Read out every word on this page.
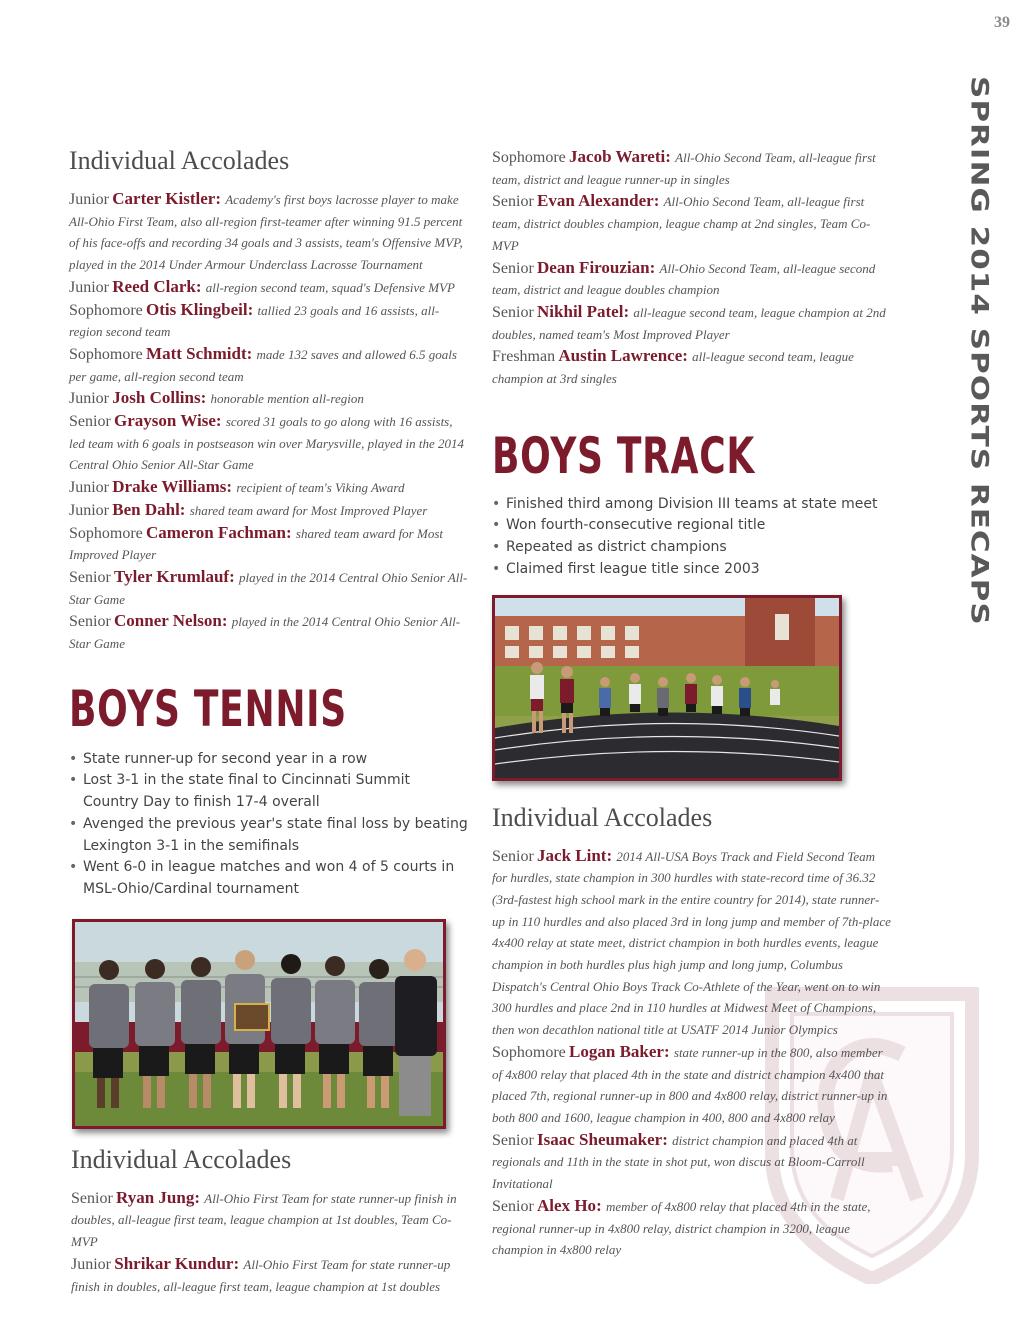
39
SPRING 2014 SPORTS RECAPS
Individual Accolades

Junior Carter Kistler: Academy's first boys lacrosse player to make All-Ohio First Team, also all-region first-teamer after winning 91.5 percent of his face-offs and recording 34 goals and 3 assists, team's Offensive MVP, played in the 2014 Under Armour Underclass Lacrosse Tournament

Junior Reed Clark: all-region second team, squad's Defensive MVP

Sophomore Otis Klingbeil: tallied 23 goals and 16 assists, all-region second team

Sophomore Matt Schmidt: made 132 saves and allowed 6.5 goals per game, all-region second team

Junior Josh Collins: honorable mention all-region

Senior Grayson Wise: scored 31 goals to go along with 16 assists, led team with 6 goals in postseason win over Marysville, played in the 2014 Central Ohio Senior All-Star Game

Junior Drake Williams: recipient of team's Viking Award

Junior Ben Dahl: shared team award for Most Improved Player

Sophomore Cameron Fachman: shared team award for Most Improved Player

Senior Tyler Krumlauf: played in the 2014 Central Ohio Senior All-Star Game

Senior Conner Nelson: played in the 2014 Central Ohio Senior All-Star Game

BOYS TENNIS
• State runner-up for second year in a row
• Lost 3-1 in the state final to Cincinnati Summit Country Day to finish 17-4 overall
• Avenged the previous year's state final loss by beating Lexington 3-1 in the semifinals
• Went 6-0 in league matches and won 4 of 5 courts in MSL-Ohio/Cardinal tournament
Individual Accolades

Senior Ryan Jung: All-Ohio First Team for state runner-up finish in doubles, all-league first team, league champion at 1st doubles, Team Co-MVP

Junior Shrikar Kundur: All-Ohio First Team for state runner-up finish in doubles, all-league first team, league champion at 1st doubles

Sophomore Jacob Wareti: All-Ohio Second Team, all-league first team, district and league runner-up in singles

Senior Evan Alexander: All-Ohio Second Team, all-league first team, district doubles champion, league champ at 2nd singles, Team Co-MVP

Senior Dean Firouzian: All-Ohio Second Team, all-league second team, district and league doubles champion

Senior Nikhil Patel: all-league second team, league champion at 2nd doubles, named team's Most Improved Player

Freshman Austin Lawrence: all-league second team, league champion at 3rd singles

BOYS TRACK
• Finished third among Division III teams at state meet
• Won fourth-consecutive regional title
• Repeated as district champions
• Claimed first league title since 2003
Individual Accolades

Senior Jack Lint: 2014 All-USA Boys Track and Field Second Team for hurdles, state champion in 300 hurdles with state-record time of 36.32 (3rd-fastest high school mark in the entire country for 2014), state runner-up in 110 hurdles and also placed 3rd in long jump and member of 7th-place 4x400 relay at state meet, district champion in both hurdles events, league champion in both hurdles plus high jump and long jump, Columbus Dispatch's Central Ohio Boys Track Co-Athlete of the Year, went on to win 300 hurdles and place 2nd in 110 hurdles at Midwest Meet of Champions, then won decathlon national title at USATF 2014 Junior Olympics

Sophomore Logan Baker: state runner-up in the 800, also member of 4x800 relay that placed 4th in the state and district champion 4x400 that placed 7th, regional runner-up in 800 and 4x800 relay, district runner-up in both 800 and 1600, league champion in 400, 800 and 4x800 relay

Senior Isaac Sheumaker: district champion and placed 4th at regionals and 11th in the state in shot put, won discus at Bloom-Carroll Invitational

Senior Alex Ho: member of 4x800 relay that placed 4th in the state, regional runner-up in 4x800 relay, district champion in 3200, league champion in 4x800 relay
